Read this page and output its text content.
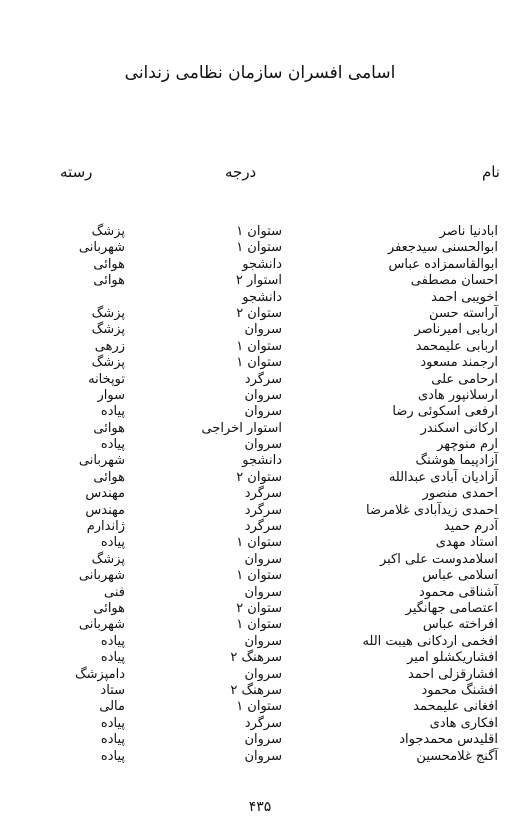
اسامی افسران سازمان نظامی زندانی
نام
درجه
رسته
ابادنیا ناصر
ستوان ۱
پزشگ
ابوالحسنی سیدجعفر
ستوان ۱
شهربانی
ابوالقاسمزاده عباس
دانشجو
هوائی
احسان مصطفی
استوار ۲
هوائی
اخویبی احمد
دانشجو
آراسته حسن
ستوان ۲
پزشگ
اربابی امیرناصر
سروان
پزشگ
اربابی علیمحمد
ستوان ۱
زرهی
ارجمند مسعود
ستوان ۱
پزشگ
ارحامی علی
سرگرد
توپخانه
ارسلانپور هادی
سروان
سوار
ارفعی اسکوئی رضا
سروان
پیاده
ارکانی اسکندر
استوار اخراجی
هوائی
ارم منوچهر
سروان
پیاده
آزادپیما هوشنگ
دانشجو
شهربانی
آزادیان آبادی عبدالله
ستوان ۲
هوائی
احمدی منصور
سرگرد
مهندس
احمدی زیدآبادی غلامرضا
سرگرد
مهندس
آدرم حمید
سرگرد
ژاندارم
استاد مهدی
ستوان ۱
پیاده
اسلامدوست علی اکبر
سروان
پزشگ
اسلامی عباس
ستوان ۱
شهربانی
آشناقی محمود
سروان
فنی
اعتصامی جهانگیر
ستوان ۲
هوائی
افراخته عباس
ستوان ۱
شهربانی
افخمی اردکانی هیبت الله
سروان
پیاده
افشاریکشلو امیر
سرهنگ ۲
پیاده
افشارقزلی احمد
سروان
دامپزشگ
افشنگ محمود
سرهنگ ۲
ستاد
افغانی علیمحمد
ستوان ۱
مالی
افکاری هادی
سرگرد
پیاده
اقلیدس محمدجواد
سروان
پیاده
آگنج غلامحسین
سروان
پیاده
۴۳۵
